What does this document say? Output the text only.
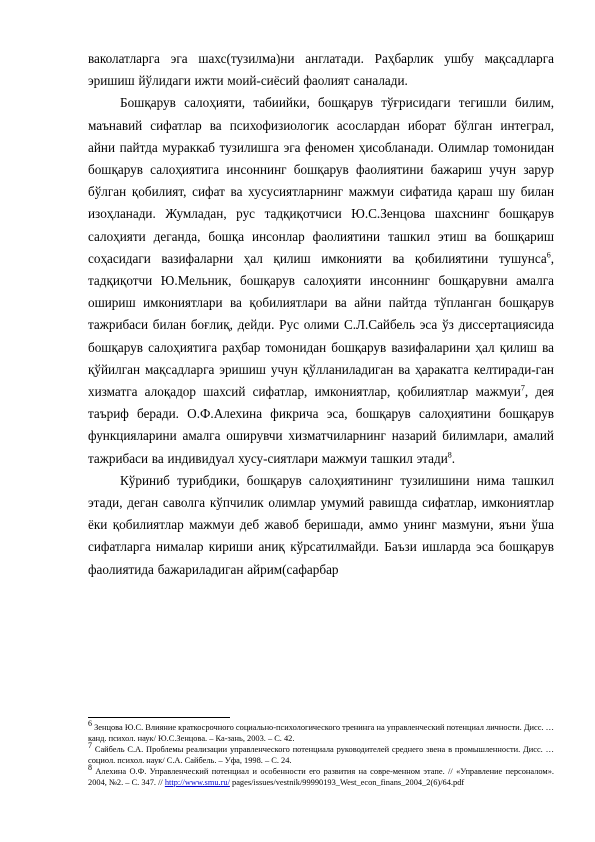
ваколатларга эга шахс(тузилма)ни англатади. Раҳбарлик ушбу мақсадларга эришиш йўлидаги ижти моий-сиёсий фаолият саналади.

Бошқарув салоҳияти, табиийки, бошқарув тўғрисидаги тегишли билим, маънавий сифатлар ва психофизиологик асослардан иборат бўлган интеграл, айни пайтда мураккаб тузилишга эга феномен ҳисобланади. Олимлар томонидан бошқарув салоҳиятига инсоннинг бошқарув фаолиятини бажариш учун зарур бўлган қобилият, сифат ва хусусиятларнинг мажмуи сифатида қараш шу билан изоҳланади. Жумладан, рус тадқиқотчиси Ю.С.Зенцова шахснинг бошқарув салоҳияти деганда, бошқа инсонлар фаолиятини ташкил этиш ва бошқариш соҳасидаги вазифаларни ҳал қилиш имконияти ва қобилиятини тушунса$^6$, тадқиқотчи Ю.Мельник, бошқарув салоҳияти инсоннинг бошқарувни амалга ошириш имкониятлари ва қобилиятлари ва айни пайтда тўпланган бошқарув тажрибаси билан боғлиқ, дейди. Рус олими С.Л.Сайбель эса ўз диссертациясида бошқарув салоҳиятига раҳбар томонидан бошқарув вазифаларини ҳал қилиш ва қўйилган мақсадларга эришиш учун қўлланиладиган ва ҳаракатга келтиради-ган хизматга алоқадор шахсий сифатлар, имкониятлар, қобилиятлар мажмуи$^7$, дея таъриф беради. О.Ф.Алехина фикрича эса, бошқарув салоҳиятини бошқарув функцияларини амалга оширувчи хизматчиларнинг назарий билимлари, амалий тажрибаси ва индивидуал хусу-сиятлари мажмуи ташкил этади$^8$.

Кўриниб турибдики, бошқарув салоҳиятининг тузилишини нима ташкил этади, деган саволга кўпчилик олимлар умумий равишда сифатлар, имкониятлар ёки қобилиятлар мажмуи деб жавоб беришади, аммо унинг мазмуни, яъни ўша сифатларга нималар кириши аниқ кўрсатилмайди. Баъзи ишларда эса бошқарув фаолиятида бажариладиган айрим(сафарбар

$^6$ Зенцова Ю.С. Влияние краткосрочного социально-психологического тренинга на управленческий потенциал личности. Дисс. … канд. психол. наук/ Ю.С.Зенцова. – Ка-зань, 2003. – С. 42.

$^7$ Сайбель С.А. Проблемы реализации управленческого потенциала руководителей среднего звена в промышленности. Дисс. … социол. психол. наук/ С.А. Сайбель. – Уфа, 1998. – С. 24.

$^8$ Алехина О.Ф. Управленческий потенциал и особенности его развития на совре-менном этапе. // «Управление персоналом». 2004, №2. – С. 347. // http://www.smu.ru/ pages/issues/vestnik/99990193_West_econ_finans_2004_2(6)/64.pdf
